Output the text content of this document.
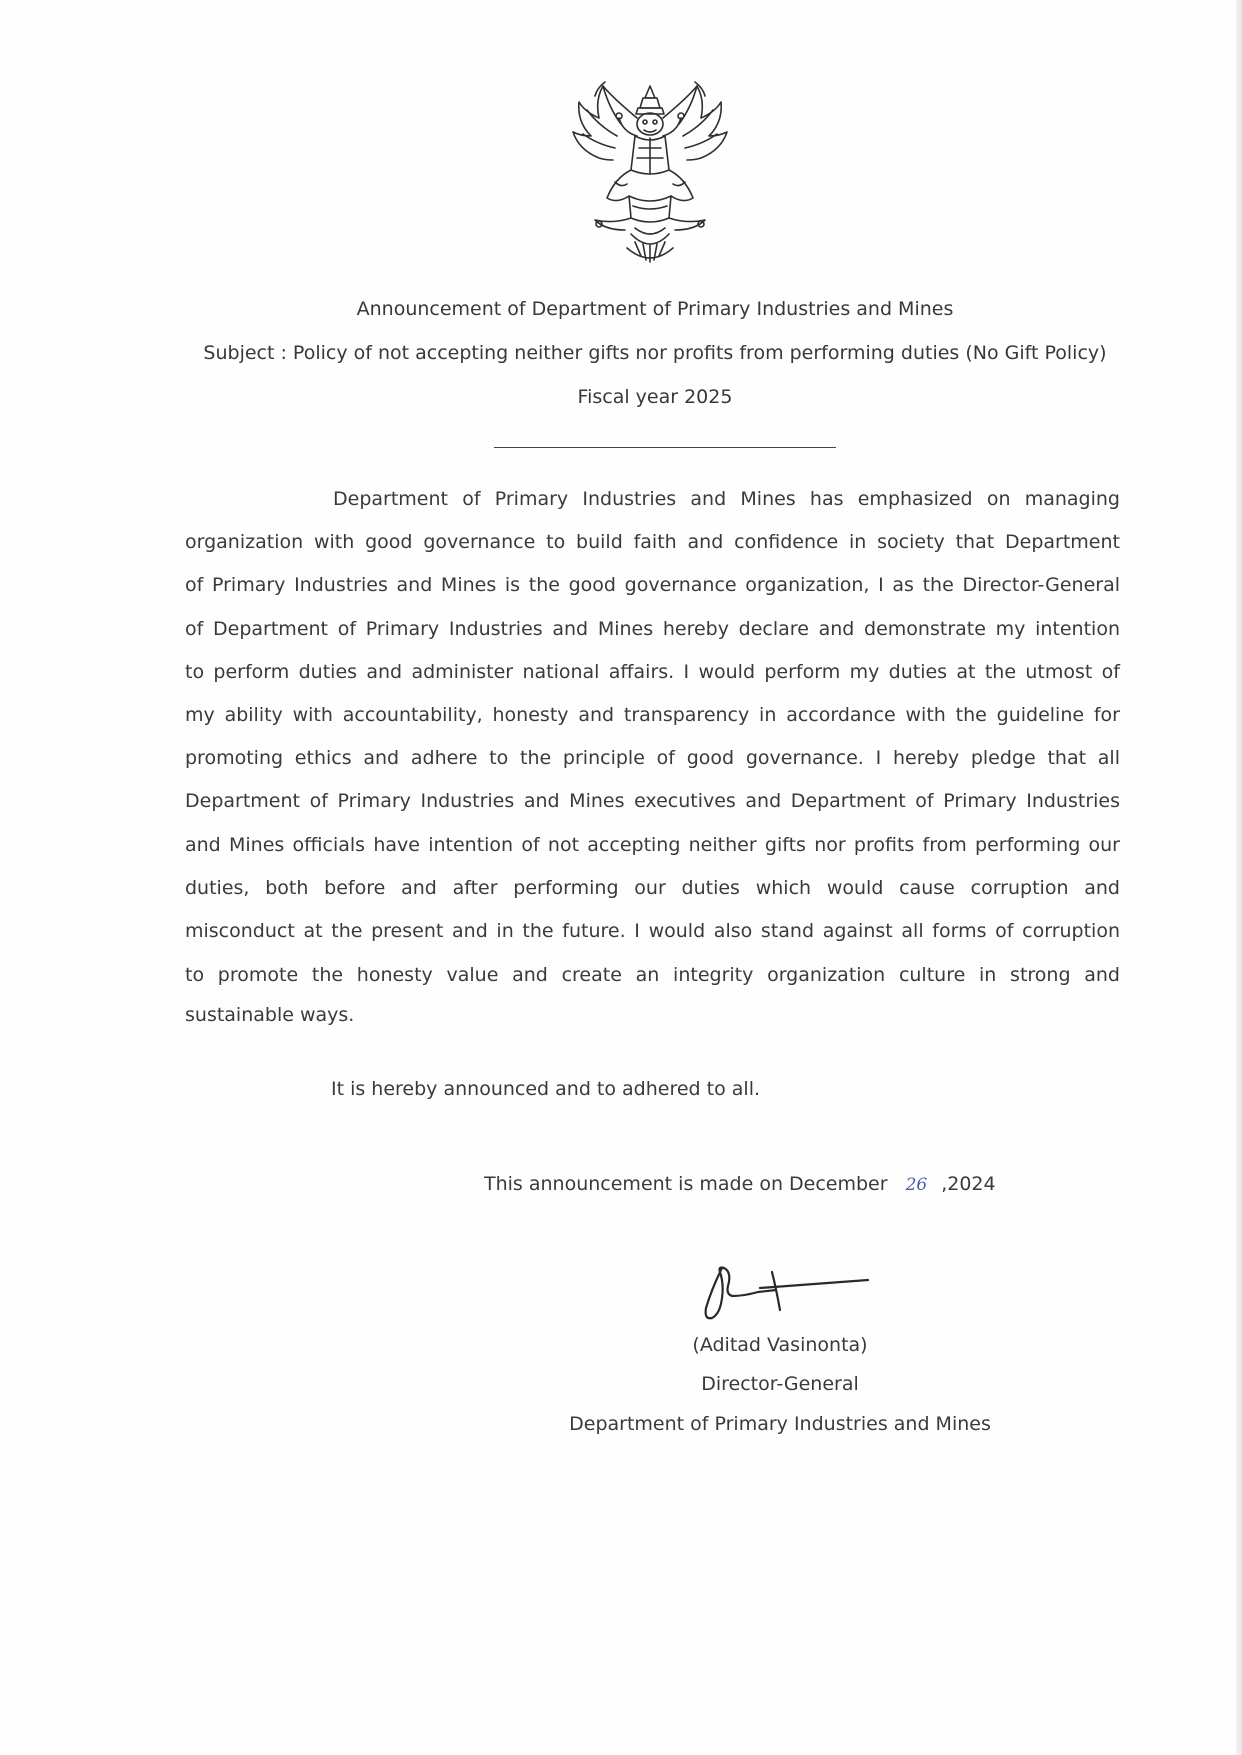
Announcement of Department of Primary Industries and Mines
Subject : Policy of not accepting neither gifts nor profits from performing duties (No Gift Policy)
Fiscal year 2025
Department of Primary Industries and Mines has emphasized on managing
organization with good governance to build faith and confidence in society that Department
of Primary Industries and Mines is the good governance organization, I as the Director-General
of Department of Primary Industries and Mines hereby declare and demonstrate my intention
to perform duties and administer national affairs. I would perform my duties at the utmost of
my ability with accountability, honesty and transparency in accordance with the guideline for
promoting ethics and adhere to the principle of good governance. I hereby pledge that all
Department of Primary Industries and Mines executives and Department of Primary Industries
and Mines officials have intention of not accepting neither gifts nor profits from performing our
duties, both before and after performing our duties which would cause corruption and
misconduct at the present and in the future. I would also stand against all forms of corruption
to promote the honesty value and create an integrity organization culture in strong and
sustainable ways.
It is hereby announced and to adhered to all.
This announcement is made on December 26 ,2024
(Aditad Vasinonta)
Director-General
Department of Primary Industries and Mines
